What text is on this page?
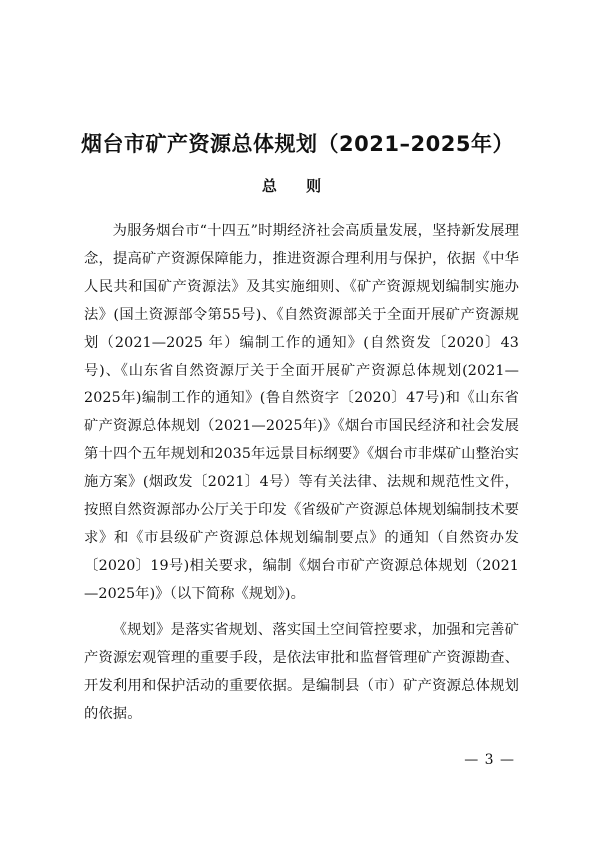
烟台市矿产资源总体规划（2021–2025年）
总 则

为服务烟台市“十四五”时期经济社会高质量发展，坚持新发展理念，提高矿产资源保障能力，推进资源合理利用与保护，依据《中华人民共和国矿产资源法》及其实施细则、《矿产资源规划编制实施办法》(国土资源部令第55号)、《自然资源部关于全面开展矿产资源规划（2021—2025 年）编制工作的通知》(自然资发〔2020〕43号)、《山东省自然资源厅关于全面开展矿产资源总体规划(2021—2025年)编制工作的通知》(鲁自然资字〔2020〕47号)和《山东省矿产资源总体规划（2021—2025年)》《烟台市国民经济和社会发展第十四个五年规划和2035年远景目标纲要》《烟台市非煤矿山整治实施方案》(烟政发〔2021〕4号）等有关法律、法规和规范性文件，按照自然资源部办公厅关于印发《省级矿产资源总体规划编制技术要求》和《市县级矿产资源总体规划编制要点》的通知（自然资办发〔2020〕19号)相关要求，编制《烟台市矿产资源总体规划（2021—2025年)》（以下简称《规划》)。

《规划》是落实省规划、落实国土空间管控要求，加强和完善矿产资源宏观管理的重要手段，是依法审批和监督管理矿产资源勘查、开发利用和保护活动的重要依据。是编制县（市）矿产资源总体规划的依据。

— 3 —
